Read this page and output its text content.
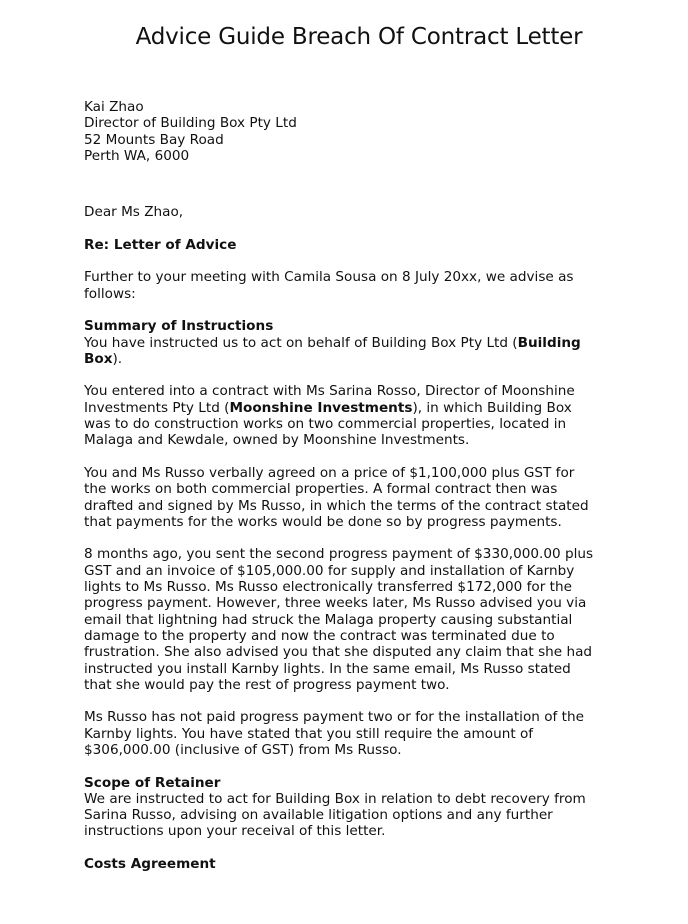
Advice Guide Breach Of Contract Letter
Kai Zhao
Director of Building Box Pty Ltd
52 Mounts Bay Road
Perth WA, 6000
Dear Ms Zhao,
Re: Letter of Advice
Further to your meeting with Camila Sousa on 8 July 20xx, we advise as
follows:
Summary of Instructions
You have instructed us to act on behalf of Building Box Pty Ltd (Building
Box).
You entered into a contract with Ms Sarina Rosso, Director of Moonshine
Investments Pty Ltd (Moonshine Investments), in which Building Box
was to do construction works on two commercial properties, located in
Malaga and Kewdale, owned by Moonshine Investments.
You and Ms Russo verbally agreed on a price of $1,100,000 plus GST for
the works on both commercial properties. A formal contract then was
drafted and signed by Ms Russo, in which the terms of the contract stated
that payments for the works would be done so by progress payments.
8 months ago, you sent the second progress payment of $330,000.00 plus
GST and an invoice of $105,000.00 for supply and installation of Karnby
lights to Ms Russo. Ms Russo electronically transferred $172,000 for the
progress payment. However, three weeks later, Ms Russo advised you via
email that lightning had struck the Malaga property causing substantial
damage to the property and now the contract was terminated due to
frustration. She also advised you that she disputed any claim that she had
instructed you install Karnby lights. In the same email, Ms Russo stated
that she would pay the rest of progress payment two.
Ms Russo has not paid progress payment two or for the installation of the
Karnby lights. You have stated that you still require the amount of
$306,000.00 (inclusive of GST) from Ms Russo.
Scope of Retainer
We are instructed to act for Building Box in relation to debt recovery from
Sarina Russo, advising on available litigation options and any further
instructions upon your receival of this letter.
Costs Agreement
